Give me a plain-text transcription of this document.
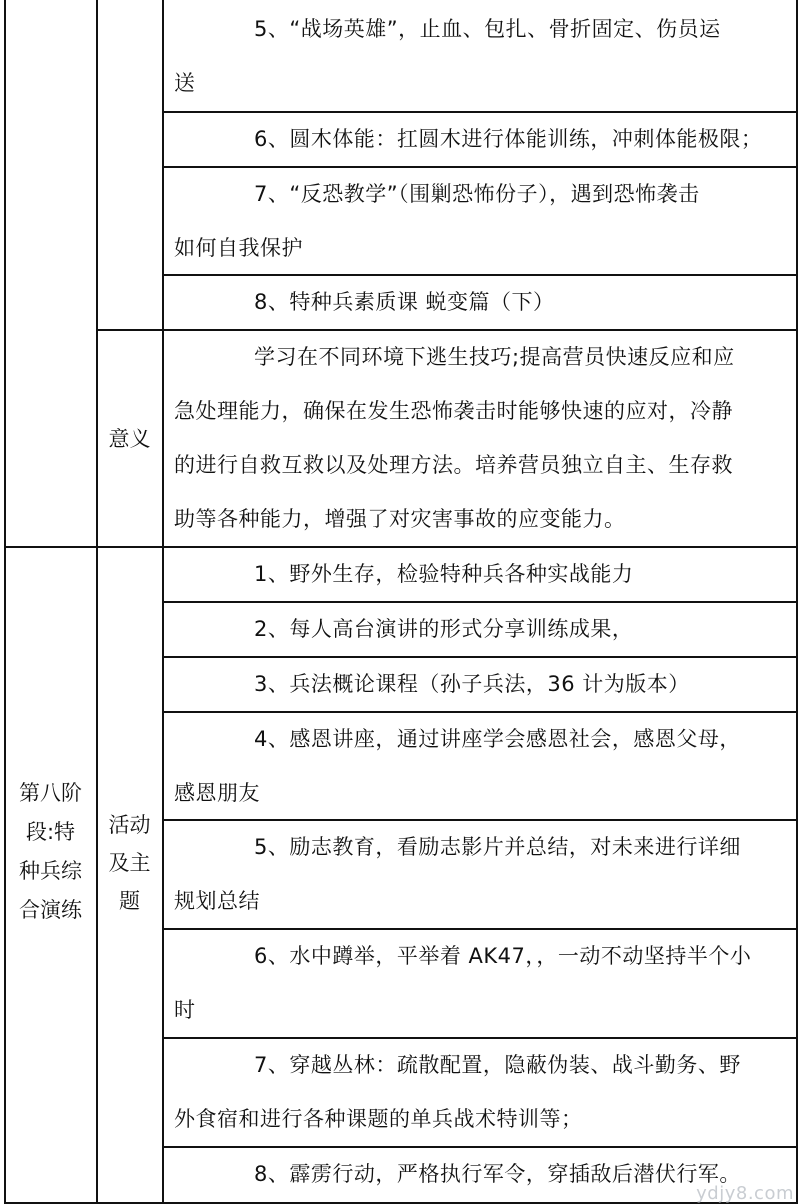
5、“战场英雄”，止血、包扎、骨折固定、伤员运
送
6、圆木体能：扛圆木进行体能训练，冲刺体能极限；
7、“反恐教学”（围剿恐怖份子），遇到恐怖袭击
如何自我保护
8、特种兵素质课 蜕变篇（下）
意义
学习在不同环境下逃生技巧;提高营员快速反应和应
急处理能力，确保在发生恐怖袭击时能够快速的应对，冷静
的进行自救互救以及处理方法。培养营员独立自主、生存救
助等各种能力，增强了对灾害事故的应变能力。
第八阶
段:特
种兵综
合演练
活动
及主
题
1、野外生存，检验特种兵各种实战能力
2、每人高台演讲的形式分享训练成果，
3、兵法概论课程（孙子兵法，36 计为版本）
4、感恩讲座，通过讲座学会感恩社会，感恩父母，
感恩朋友
5、励志教育，看励志影片并总结，对未来进行详细
规划总结
6、水中蹲举，平举着 AK47，，一动不动坚持半个小
时
7、穿越丛林：疏散配置，隐蔽伪装、战斗勤务、野
外食宿和进行各种课题的单兵战术特训等；
8、霹雳行动，严格执行军令，穿插敌后潜伏行军。
ydjy8.com
